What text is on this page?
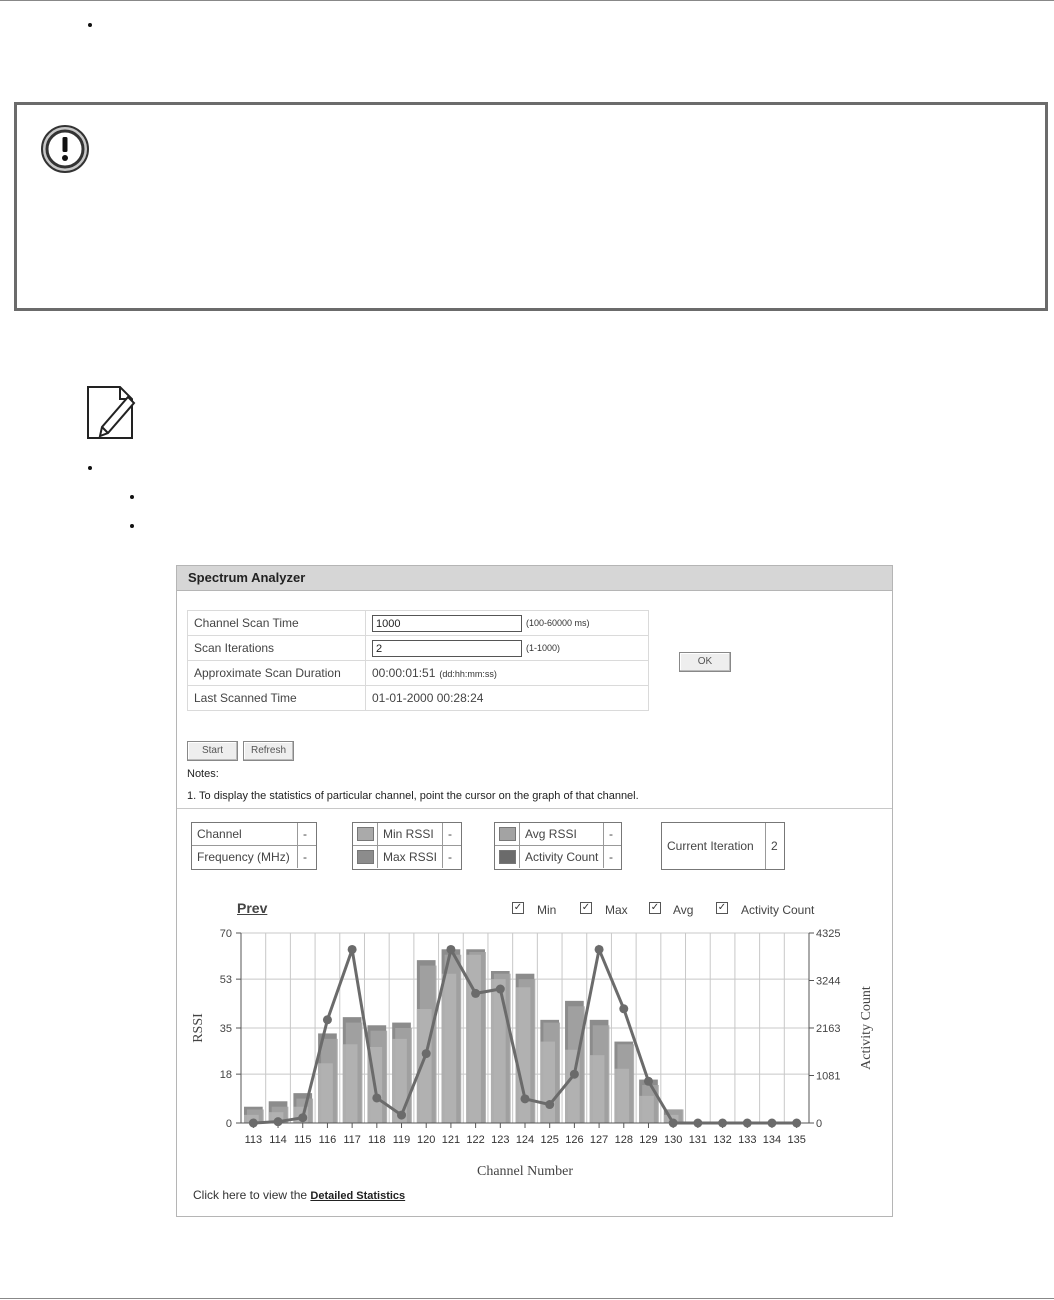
Spectrum Analyzer
Channel Scan Time	1000 (100-60000 ms)
Scan Iterations	2 (1-1000)
Approximate Scan Duration	00:00:01:51 (dd:hh:mm:ss)
Last Scanned Time	01-01-2000 00:28:24
OK
Start	Refresh
Notes:
1. To display the statistics of particular channel, point the cursor on the graph of that channel.
Channel	-
Frequency (MHz)	-
Min RSSI	-
Max RSSI -
Avg RSSI	-
Activity Count -
Current Iteration	2
Prev	✓ Min	✓ Max ✓ Avg ✓ Activity Count
0
18
35
53
70
0
1081
2163
3244
4325
113 114 115 116 117 118 119 120 121 122 123 124 125 126 127 128 129 130 131 132 133 134 135
Channel Number
RSSI	Activity Count
Click here to view the Detailed Statistics
